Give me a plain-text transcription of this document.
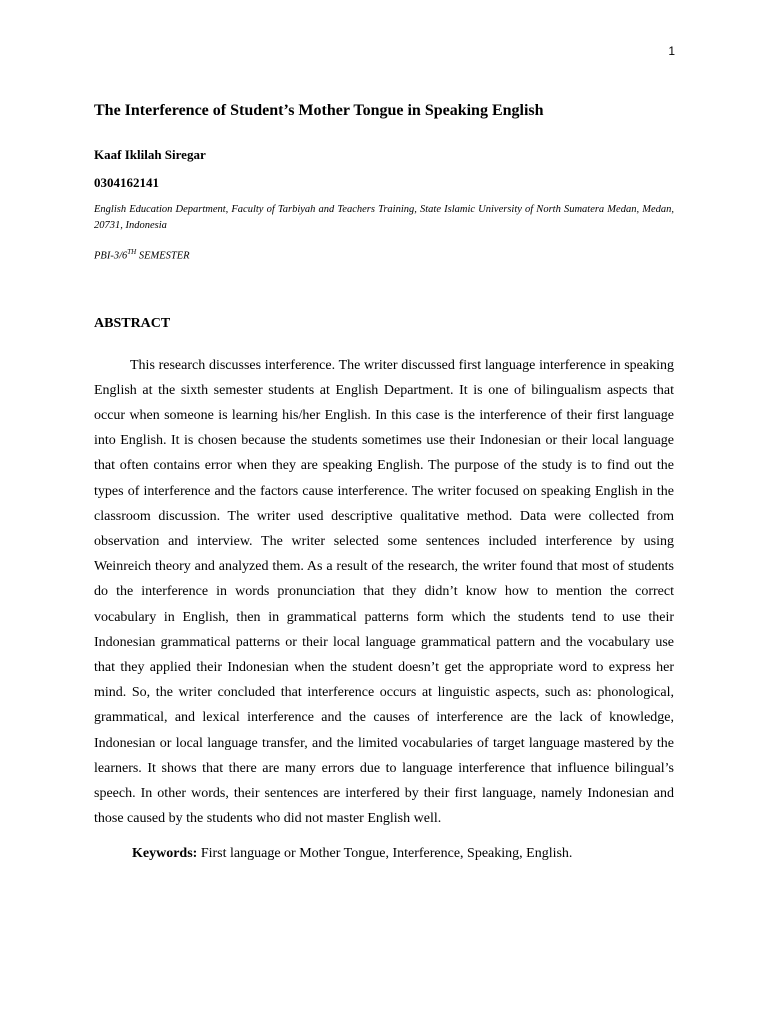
1
The Interference of Student’s Mother Tongue in Speaking English
Kaaf Iklilah Siregar
0304162141
English Education Department, Faculty of Tarbiyah and Teachers Training, State Islamic University of North Sumatera Medan, Medan, 20731, Indonesia
PBI-3/6TH SEMESTER
ABSTRACT

This research discusses interference. The writer discussed first language interference in speaking English at the sixth semester students at English Department. It is one of bilingualism aspects that occur when someone is learning his/her English. In this case is the interference of their first language into English. It is chosen because the students sometimes use their Indonesian or their local language that often contains error when they are speaking English. The purpose of the study is to find out the types of interference and the factors cause interference. The writer focused on speaking English in the classroom discussion. The writer used descriptive qualitative method. Data were collected from observation and interview. The writer selected some sentences included interference by using Weinreich theory and analyzed them. As a result of the research, the writer found that most of students do the interference in words pronunciation that they didn’t know how to mention the correct vocabulary in English, then in grammatical patterns form which the students tend to use their Indonesian grammatical patterns or their local language grammatical pattern and the vocabulary use that they applied their Indonesian when the student doesn’t get the appropriate word to express her mind. So, the writer concluded that interference occurs at linguistic aspects, such as: phonological, grammatical, and lexical interference and the causes of interference are the lack of knowledge, Indonesian or local language transfer, and the limited vocabularies of target language mastered by the learners. It shows that there are many errors due to language interference that influence bilingual’s speech. In other words, their sentences are interfered by their first language, namely Indonesian and those caused by the students who did not master English well.

Keywords: First language or Mother Tongue, Interference, Speaking, English.
